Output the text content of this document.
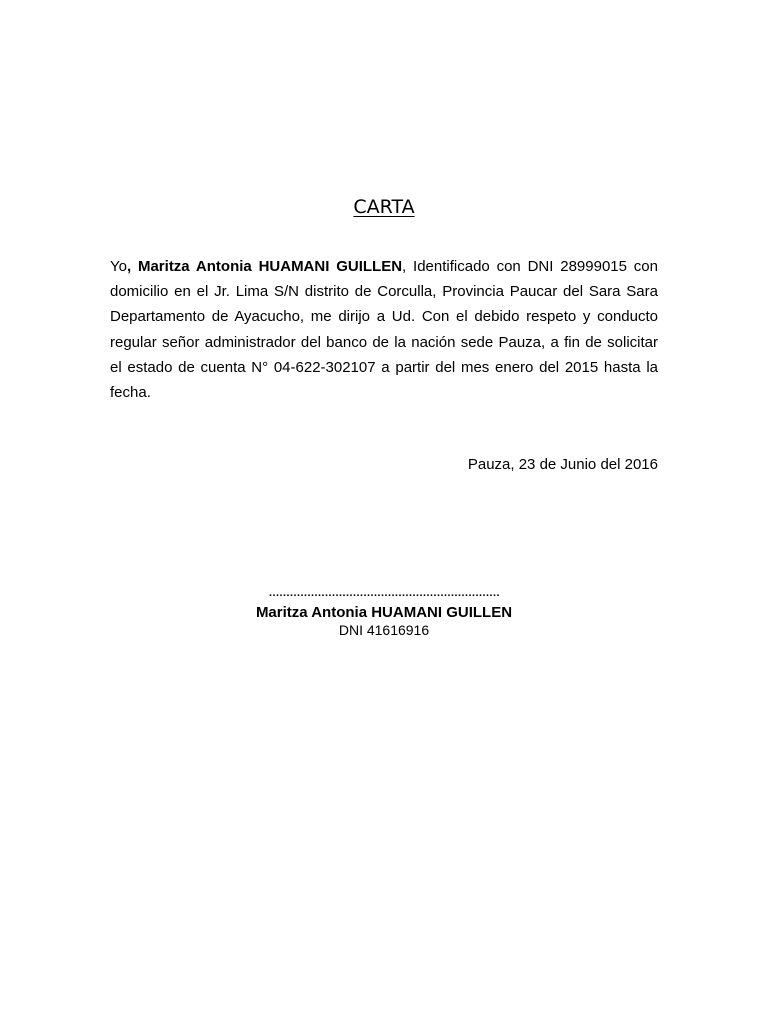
CARTA
Yo, Maritza Antonia HUAMANI GUILLEN, Identificado con DNI 28999015 con domicilio en el Jr. Lima S/N distrito de Corculla, Provincia Paucar del Sara Sara Departamento de Ayacucho, me dirijo a Ud. Con el debido respeto y conducto regular señor administrador del banco de la nación sede Pauza, a fin de solicitar el estado de cuenta N° 04-622-302107 a partir del mes enero del 2015 hasta la fecha.
Pauza, 23 de Junio del 2016
…………………………………………………………
Maritza Antonia HUAMANI GUILLEN
DNI 41616916
